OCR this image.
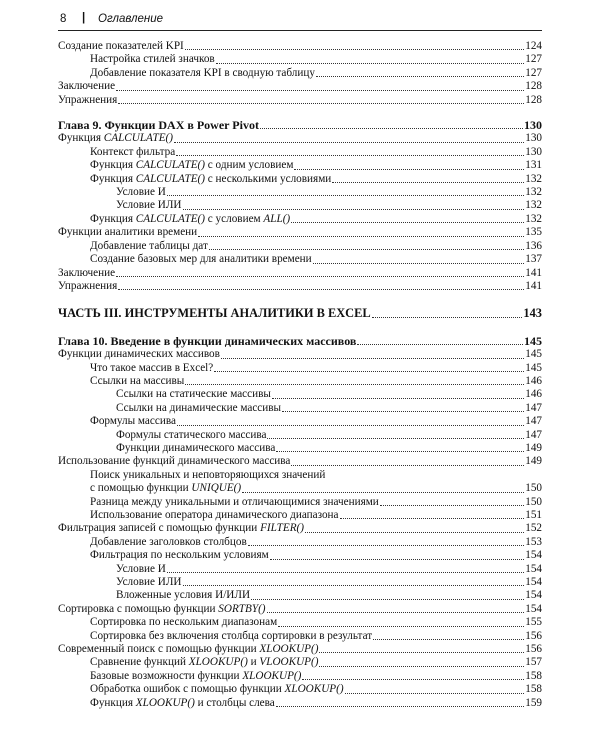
8 | Оглавление
Создание показателей KPI	124
Настройка стилей значков	127
Добавление показателя KPI в сводную таблицу	127
Заключение	128
Упражнения	128
Глава 9. Функции DAX в Power Pivot	130
Функция CALCULATE()	130
Контекст фильтра	130
Функция CALCULATE() с одним условием	131
Функция CALCULATE() с несколькими условиями	132
Условие И	132
Условие ИЛИ	132
Функция CALCULATE() с условием ALL()	132
Функции аналитики времени	135
Добавление таблицы дат	136
Создание базовых мер для аналитики времени	137
Заключение	141
Упражнения	141
ЧАСТЬ III. ИНСТРУМЕНТЫ АНАЛИТИКИ В EXCEL	143
Глава 10. Введение в функции динамических массивов	145
Функции динамических массивов	145
Что такое массив в Excel?	145
Ссылки на массивы	146
Ссылки на статические массивы	146
Ссылки на динамические массивы	147
Формулы массива	147
Формулы статического массива	147
Функции динамического массива	149
Использование функций динамического массива	149
Поиск уникальных и неповторяющихся значений
с помощью функции UNIQUE()	150
Разница между уникальными и отличающимися значениями	150
Использование оператора динамического диапазона	151
Фильтрация записей с помощью функции FILTER()	152
Добавление заголовков столбцов	153
Фильтрация по нескольким условиям	154
Условие И	154
Условие ИЛИ	154
Вложенные условия И/ИЛИ	154
Сортировка с помощью функции SORTBY()	154
Сортировка по нескольким диапазонам	155
Сортировка без включения столбца сортировки в результат	156
Современный поиск с помощью функции XLOOKUP()	156
Сравнение функций XLOOKUP() и VLOOKUP()	157
Базовые возможности функции XLOOKUP()	158
Обработка ошибок с помощью функции XLOOKUP()	158
Функция XLOOKUP() и столбцы слева	159
